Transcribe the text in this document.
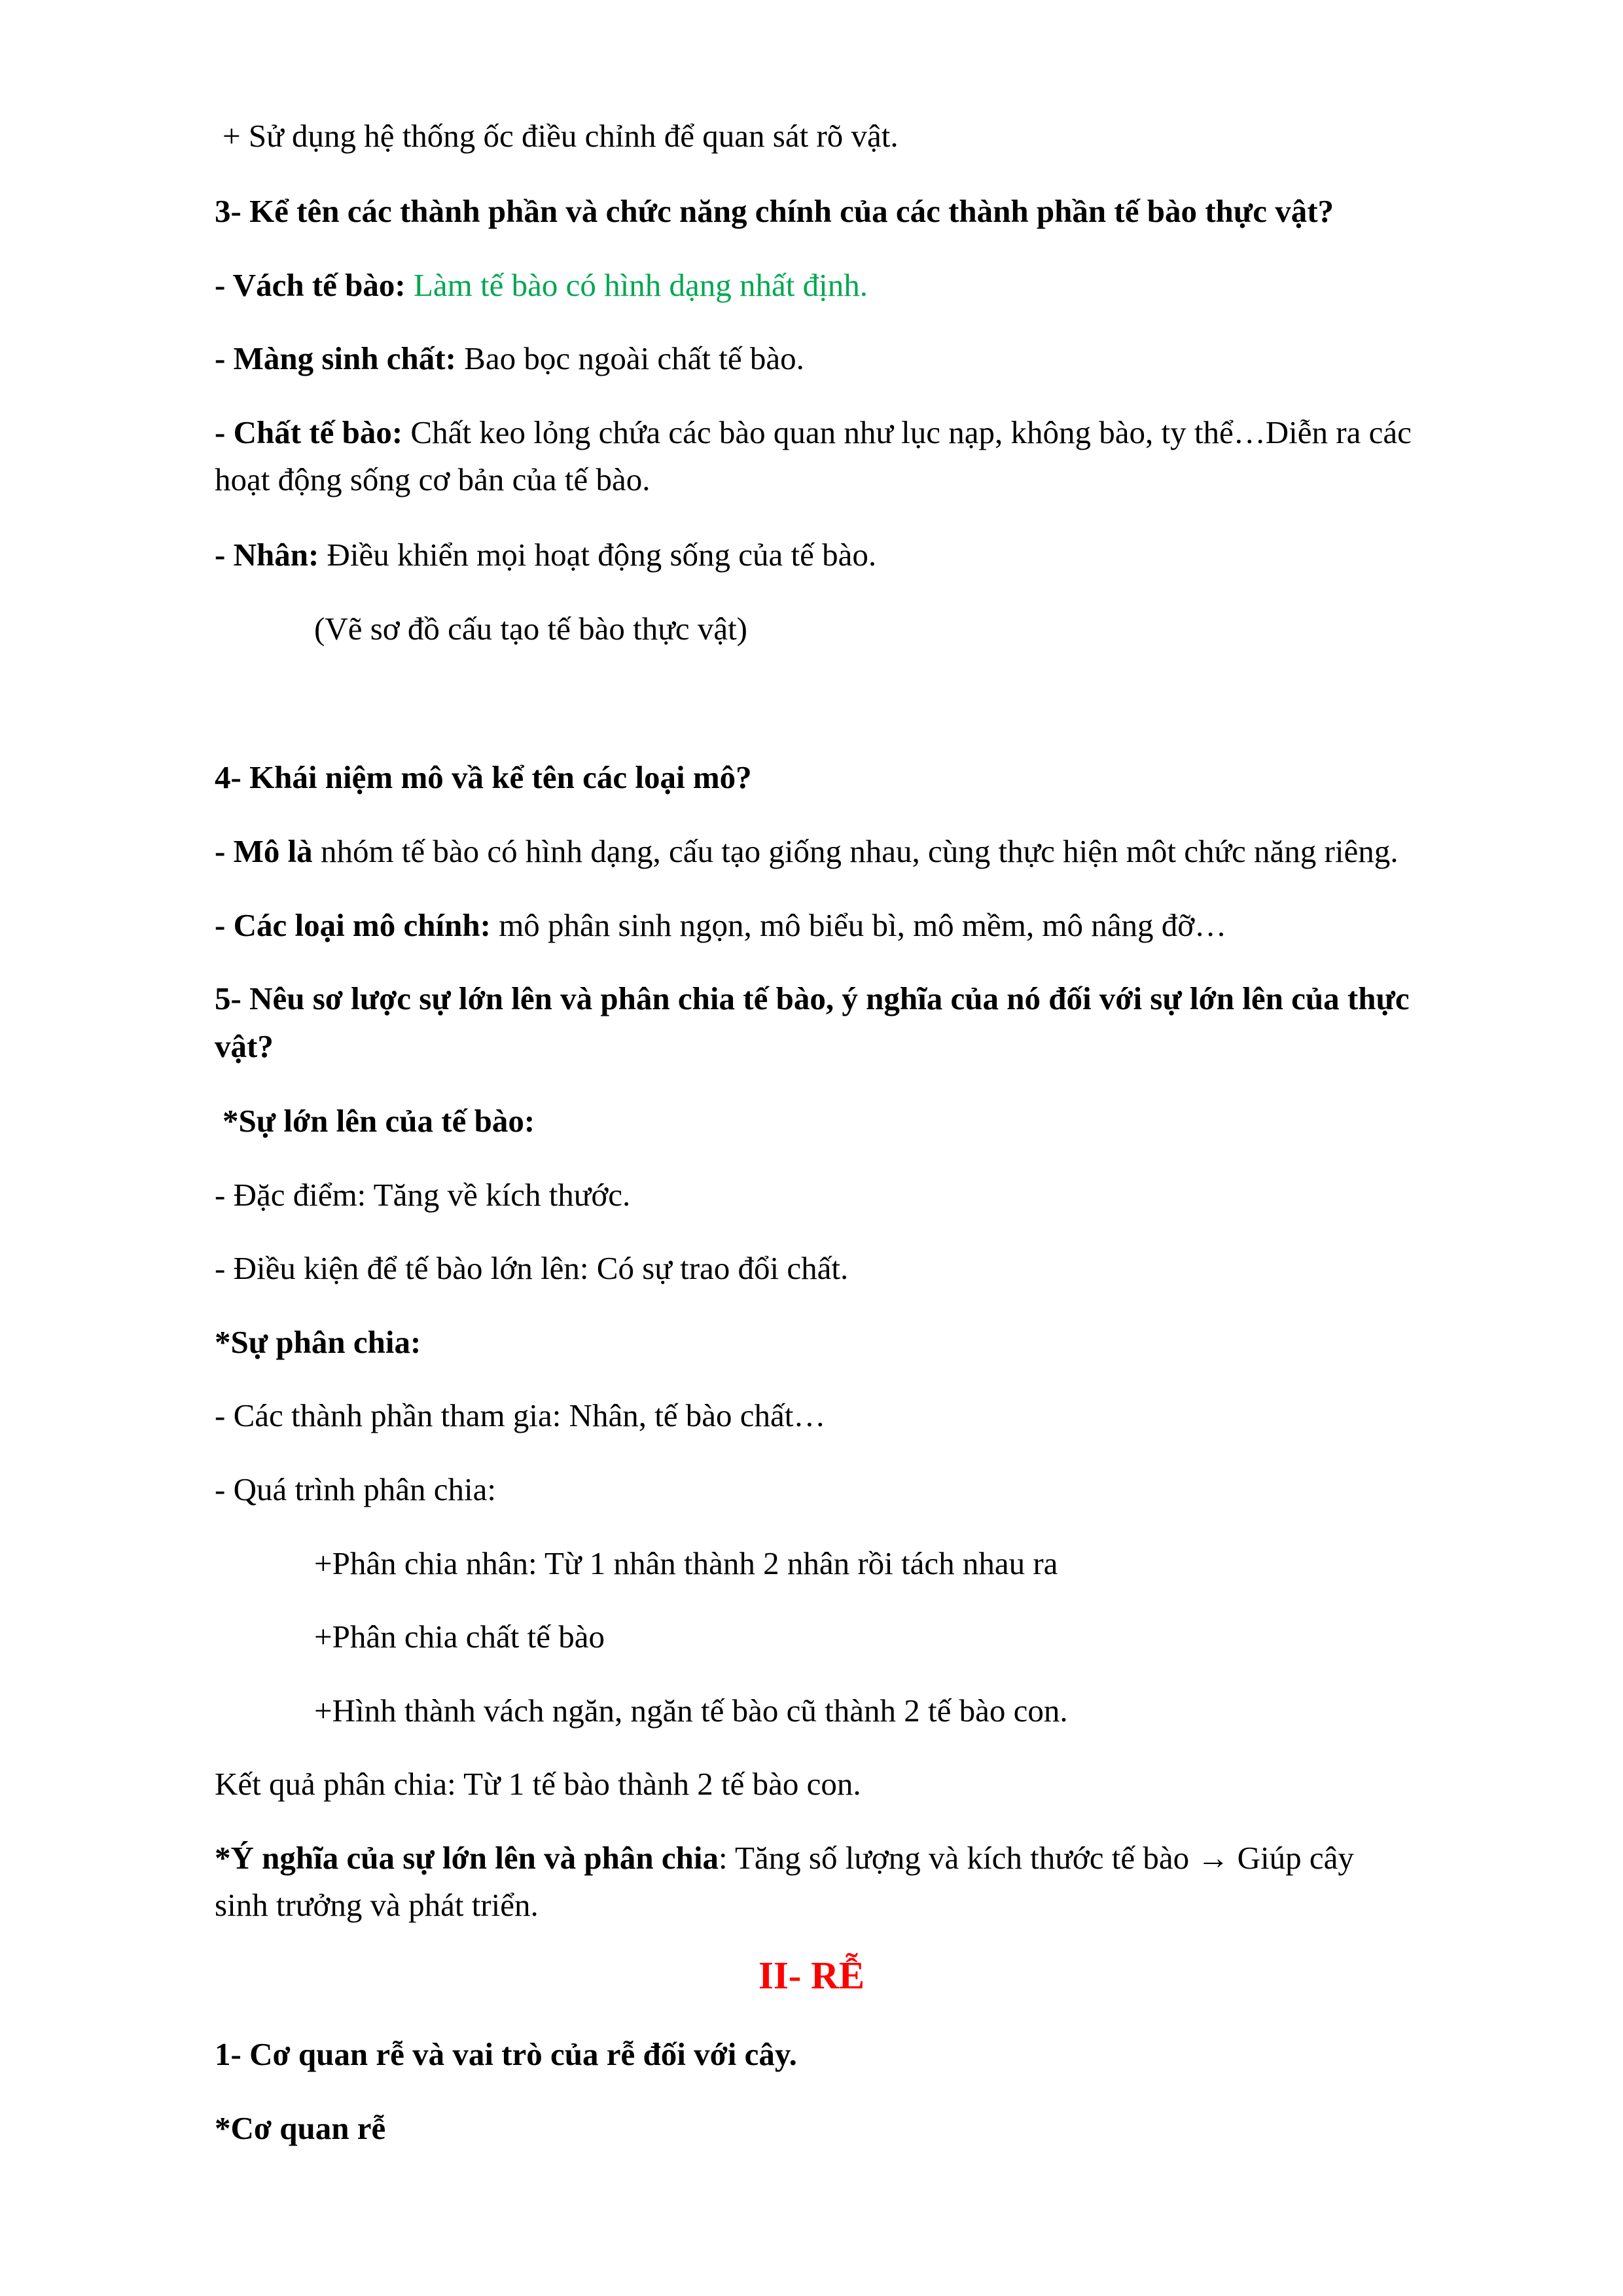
+ Sử dụng hệ thống ốc điều chỉnh để quan sát rõ vật.
3- Kể tên các thành phần và chức năng chính của các thành phần tế bào thực vật?
- Vách tế bào: Làm tế bào có hình dạng nhất định.
- Màng sinh chất: Bao bọc ngoài chất tế bào.
- Chất tế bào: Chất keo lỏng chứa các bào quan như lục nạp, không bào, ty thể…Diễn ra các
hoạt động sống cơ bản của tế bào.
- Nhân: Điều khiển mọi hoạt động sống của tế bào.
(Vẽ sơ đồ cấu tạo tế bào thực vật)
4- Khái niệm mô vầ kể tên các loại mô?
- Mô là nhóm tế bào có hình dạng, cấu tạo giống nhau, cùng thực hiện môt chức năng riêng.
- Các loại mô chính: mô phân sinh ngọn, mô biểu bì, mô mềm, mô nâng đỡ…
5- Nêu sơ lược sự lớn lên và phân chia tế bào, ý nghĩa của nó đối với sự lớn lên của thực
vật?
*Sự lớn lên của tế bào:
- Đặc điểm: Tăng về kích thước.
- Điều kiện để tế bào lớn lên: Có sự trao đổi chất.
*Sự phân chia:
- Các thành phần tham gia: Nhân, tế bào chất…
- Quá trình phân chia:
+Phân chia nhân: Từ 1 nhân thành 2 nhân rồi tách nhau ra
+Phân chia chất tế bào
+Hình thành vách ngăn, ngăn tế bào cũ thành 2 tế bào con.
Kết quả phân chia: Từ 1 tế bào thành 2 tế bào con.
*Ý nghĩa của sự lớn lên và phân chia: Tăng số lượng và kích thước tế bào → Giúp cây
sinh trưởng và phát triển.
II- RỄ
1- Cơ quan rễ và vai trò của rễ đối với cây.
*Cơ quan rễ
